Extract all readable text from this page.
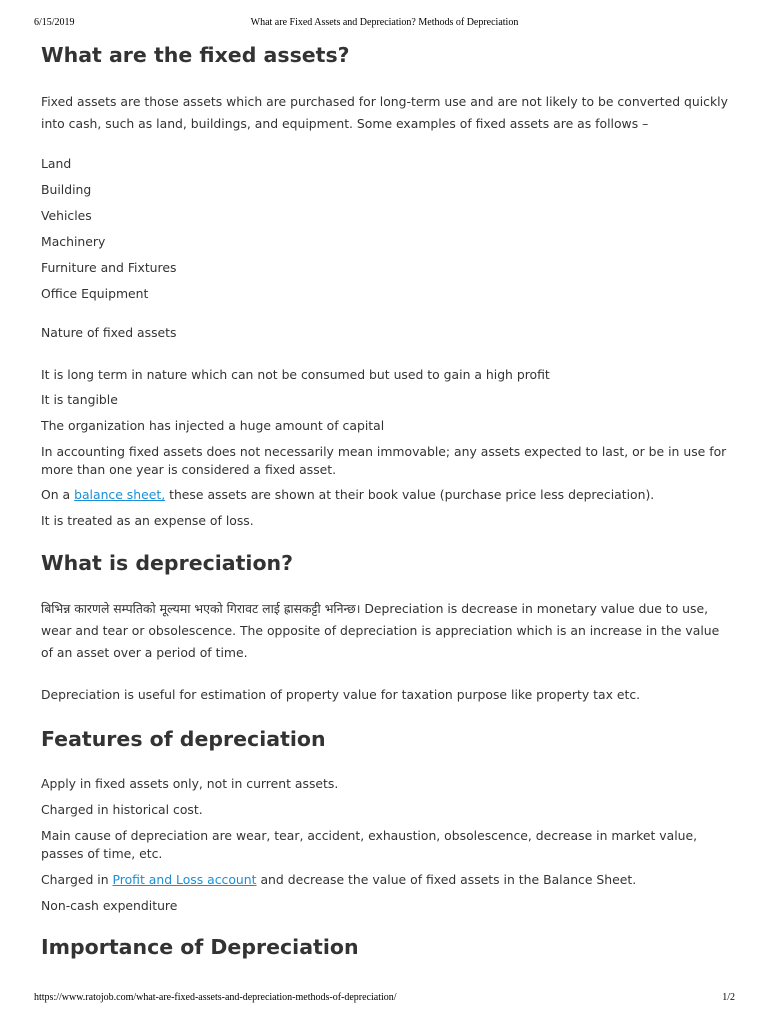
6/15/2019	What are Fixed Assets and Depreciation? Methods of Depreciation
What are the fixed assets?

Fixed assets are those assets which are purchased for long-term use and are not likely to be converted quickly into cash, such as land, buildings, and equipment. Some examples of fixed assets are as follows –

Land

Building

Vehicles

Machinery

Furniture and Fixtures

Office Equipment

Nature of fixed assets

It is long term in nature which can not be consumed but used to gain a high profit

It is tangible

The organization has injected a huge amount of capital

In accounting fixed assets does not necessarily mean immovable; any assets expected to last, or be in use for more than one year is considered a fixed asset.

On a balance sheet, these assets are shown at their book value (purchase price less depreciation).

It is treated as an expense of loss.

What is depreciation?

बिभिन्न कारणले सम्पतिको मूल्यमा भएको गिरावट लाई ह्रासकट्टी भनिन्छ। Depreciation is decrease in monetary value due to use, wear and tear or obsolescence. The opposite of depreciation is appreciation which is an increase in the value of an asset over a period of time.

Depreciation is useful for estimation of property value for taxation purpose like property tax etc.

Features of depreciation

Apply in fixed assets only, not in current assets.

Charged in historical cost.

Main cause of depreciation are wear, tear, accident, exhaustion, obsolescence, decrease in market value, passes of time, etc.

Charged in Profit and Loss account and decrease the value of fixed assets in the Balance Sheet.

Non-cash expenditure

Importance of Depreciation
https://www.ratojob.com/what-are-fixed-assets-and-depreciation-methods-of-depreciation/	1/2
